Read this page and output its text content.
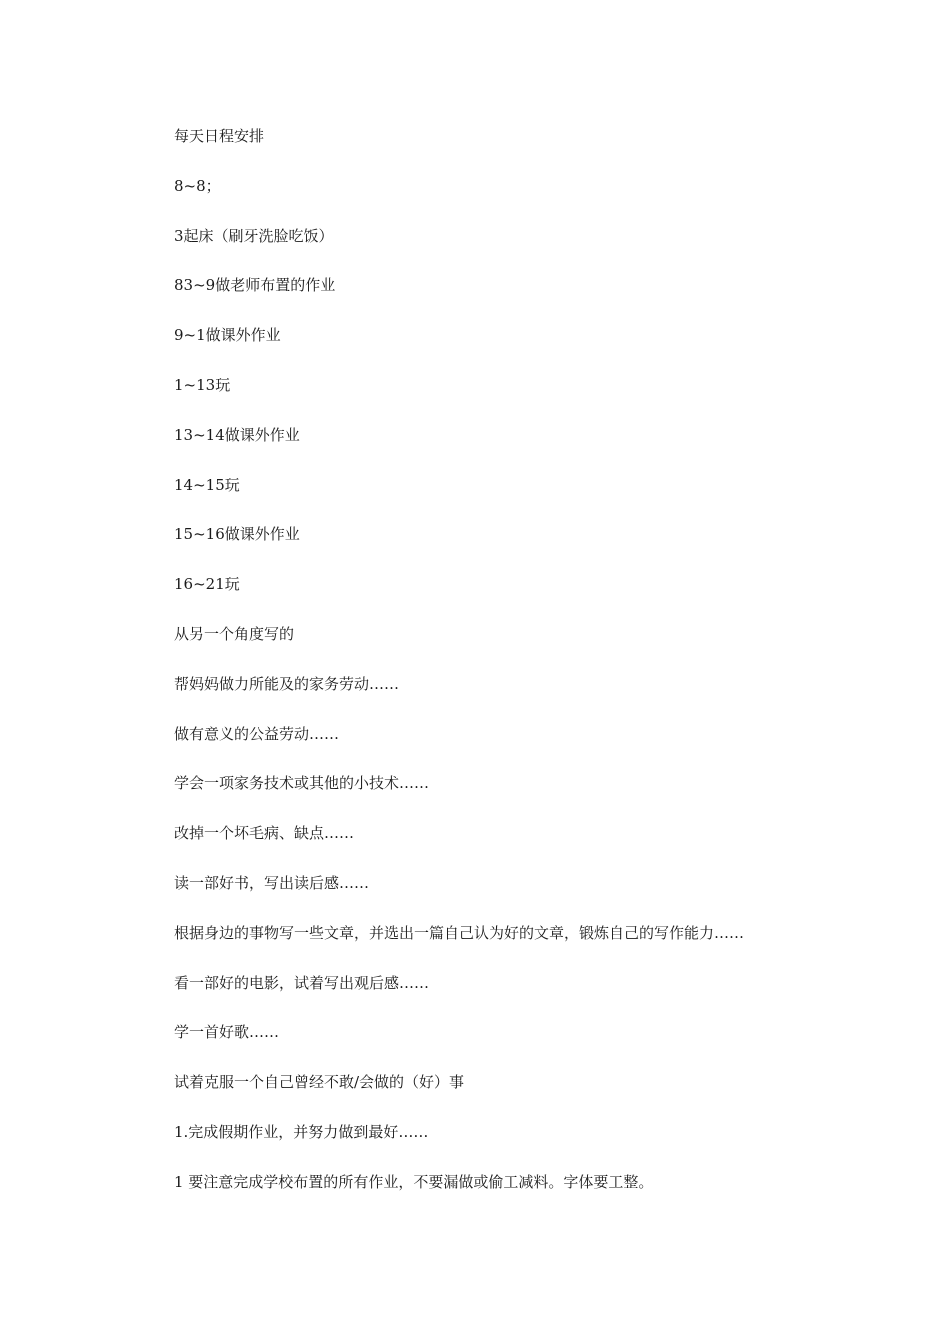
每天日程安排
8~8；
3起床（刷牙洗脸吃饭）
83~9做老师布置的作业
9~1做课外作业
1~13玩
13~14做课外作业
14~15玩
15~16做课外作业
16~21玩
从另一个角度写的
帮妈妈做力所能及的家务劳动……
做有意义的公益劳动……
学会一项家务技术或其他的小技术……
改掉一个坏毛病、缺点……
读一部好书，写出读后感……
根据身边的事物写一些文章，并选出一篇自己认为好的文章，锻炼自己的写作能力……
看一部好的电影，试着写出观后感……
学一首好歌……
试着克服一个自己曾经不敢/会做的（好）事
1.完成假期作业，并努力做到最好……
1 要注意完成学校布置的所有作业，不要漏做或偷工减料。字体要工整。
